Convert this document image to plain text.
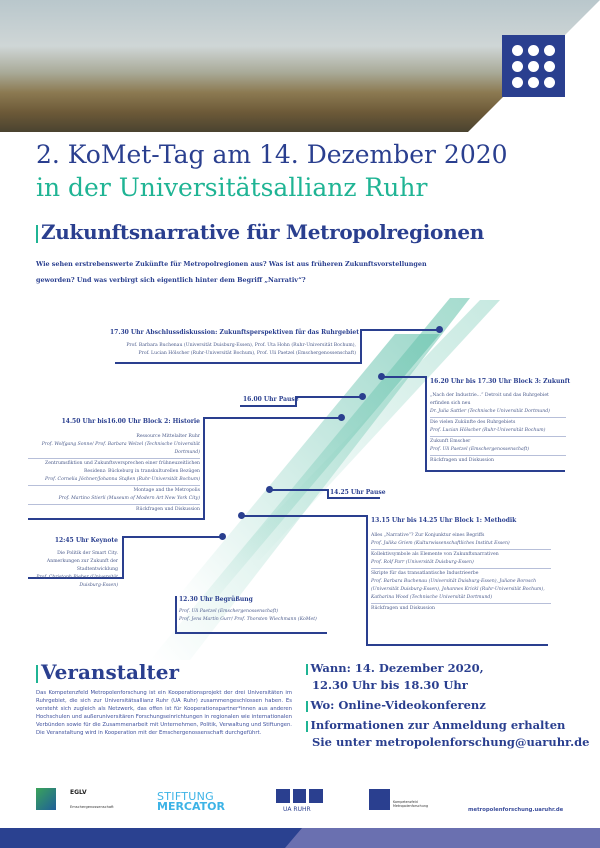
2. KoMet-Tag am 14. Dezember 2020
in der Universitätsallianz Ruhr
Zukunftsnarrative für Metropolregionen
Wie sehen erstrebenswerte Zukünfte für Metropolregionen aus? Was ist aus früheren Zukunftsvorstellungen geworden? Und was verbirgt sich eigentlich hinter dem Begriff „Narrativ“?
17.30 Uhr Abschlussdiskussion: Zukunftsperspektiven für das Ruhrgebiet
Prof. Barbara Buchenau (Universität Duisburg-Essen), Prof. Uta Hohn (Ruhr-Universität Bochum),
Prof. Lucian Hölscher (Ruhr-Universität Bochum), Prof. Uli Paetzel (Emschergenossenschaft)
16.00 Uhr Pause
16.20 Uhr bis 17.30 Uhr Block 3: Zukunft
„Nach der Industrie...“ Detroit und das Ruhrgebiet erfinden sich neu
Dr. Julia Sattler (Technische Universität Dortmund)
Die vielen Zukünfte des Ruhrgebiets
Prof. Lucian Hölscher (Ruhr-Universität Bochum)
Zukunft Emscher
Prof. Uli Paetzel (Emschergenossenschaft)
Rückfragen und Diskussion
14.50 Uhr bis16.00 Uhr Block 2: Historie
Ressource Mittelalter Ruhr
Prof. Wolfgang Sonne/ Prof. Barbara Welzel (Technische Universität Dortmund)
Zentrumsfiktion und Zukunftsversprechen einer frühneuzeitlichen Residenz: Bückeburg in transkulturellen Bezügen
Prof. Cornelia Jöchner/Johanna Staßen (Ruhr-Universität Bochum)
Montage and the Metropolis
Prof. Martino Stierli (Museum of Modern Art New York City)
Rückfragen und Diskussion
14.25 Uhr Pause
13.15 Uhr bis 14.25 Uhr Block 1: Methodik
Alles „Narrative“? Zur Konjunktur eines Begriffs
Prof. Julika Griem (Kulturwissenschaftliches Institut Essen)
Kollektivsymbole als Elemente von Zukunftsnarrativen
Prof. Rolf Parr (Universität Duisburg-Essen)
Skripte für das transatlantische Industrieerbe
Prof. Barbara Buchenau (Universität Duisburg-Essen), Juliane Borosch (Universität Duisburg-Essen), Johannes Krickl (Ruhr-Universität Bochum), Katharina Wood (Technische Universität Dortmund)
Rückfragen und Diskussion
12:45 Uhr Keynote
Die Politik der Smart City. Anmerkungen zur Zukunft der Stadtentwicklung
Prof. Christoph Bieber (Universität Duisburg-Essen)
12.30 Uhr Begrüßung
Prof. Uli Paetzel (Emschergenossenschaft)
Prof. Jens Martin Gurr/ Prof. Thorsten Wiechmann (KoMet)
Veranstalter
Das Kompetenzfeld Metropolenforschung ist ein Kooperationsprojekt der drei Universitäten im Ruhrgebiet, die sich zur Universitätsallianz Ruhr (UA Ruhr) zusammengeschlossen haben. Es versteht sich zugleich als Netzwerk, das offen ist für Kooperationspartner*innen aus anderen Hochschulen und außeruniversitären Forschungseinrichtungen in regionalen wie internationalen Verbünden sowie für die Zusammenarbeit mit Unternehmen, Politik, Verwaltung und Stiftungen. Die Veranstaltung wird in Kooperation mit der Emschergenossenschaft durchgeführt.
Wann: 14. Dezember 2020,
12.30 Uhr bis 18.30 Uhr
Wo: Online-Videokonferenz
Informationen zur Anmeldung erhalten
Sie unter metropolenforschung@uaruhr.de
EGLV
Emschergenossenschaft
STIFTUNG
MERCATOR	UA RUHR
Kompetenzfeld
Metropolenforschung
metropolenforschung.uaruhr.de
